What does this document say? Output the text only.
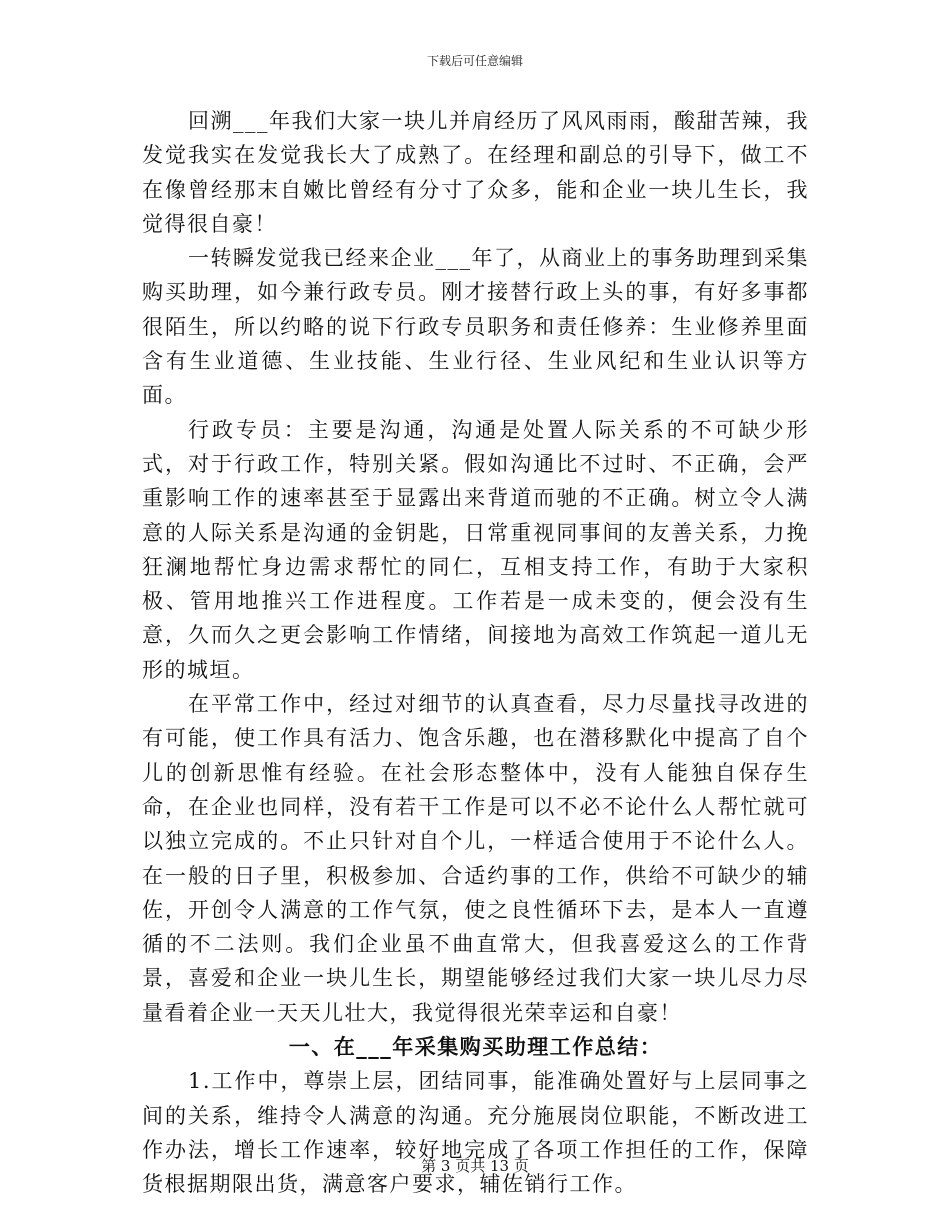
下载后可任意编辑

回溯___年我们大家一块儿并肩经历了风风雨雨，酸甜苦辣，我发觉我实在发觉我长大了成熟了。在经理和副总的引导下，做工不在像曾经那末自嫩比曾经有分寸了众多，能和企业一块儿生长，我觉得很自豪！

一转瞬发觉我已经来企业___年了，从商业上的事务助理到采集购买助理，如今兼行政专员。刚才接替行政上头的事，有好多事都很陌生，所以约略的说下行政专员职务和责任修养：生业修养里面含有生业道德、生业技能、生业行径、生业风纪和生业认识等方面。

行政专员：主要是沟通，沟通是处置人际关系的不可缺少形式，对于行政工作，特别关紧。假如沟通比不过时、不正确，会严重影响工作的速率甚至于显露出来背道而驰的不正确。树立令人满意的人际关系是沟通的金钥匙，日常重视同事间的友善关系，力挽狂澜地帮忙身边需求帮忙的同仁，互相支持工作，有助于大家积极、管用地推兴工作进程度。工作若是一成未变的，便会没有生意，久而久之更会影响工作情绪，间接地为高效工作筑起一道儿无形的城垣。

在平常工作中，经过对细节的认真查看，尽力尽量找寻改进的有可能，使工作具有活力、饱含乐趣，也在潜移默化中提高了自个儿的创新思惟有经验。在社会形态整体中，没有人能独自保存生命，在企业也同样，没有若干工作是可以不必不论什么人帮忙就可以独立完成的。不止只针对自个儿，一样适合使用于不论什么人。在一般的日子里，积极参加、合适约事的工作，供给不可缺少的辅佐，开创令人满意的工作气氛，使之良性循环下去，是本人一直遵循的不二法则。我们企业虽不曲直常大，但我喜爱这么的工作背景，喜爱和企业一块儿生长，期望能够经过我们大家一块儿尽力尽量看着企业一天天儿壮大，我觉得很光荣幸运和自豪！

一、在___年采集购买助理工作总结：

1.工作中，尊崇上层，团结同事，能准确处置好与上层同事之间的关系，维持令人满意的沟通。充分施展岗位职能，不断改进工作办法，增长工作速率，较好地完成了各项工作担任的工作，保障货根据期限出货，满意客户要求，辅佐销行工作。

第 3 页共 13 页
